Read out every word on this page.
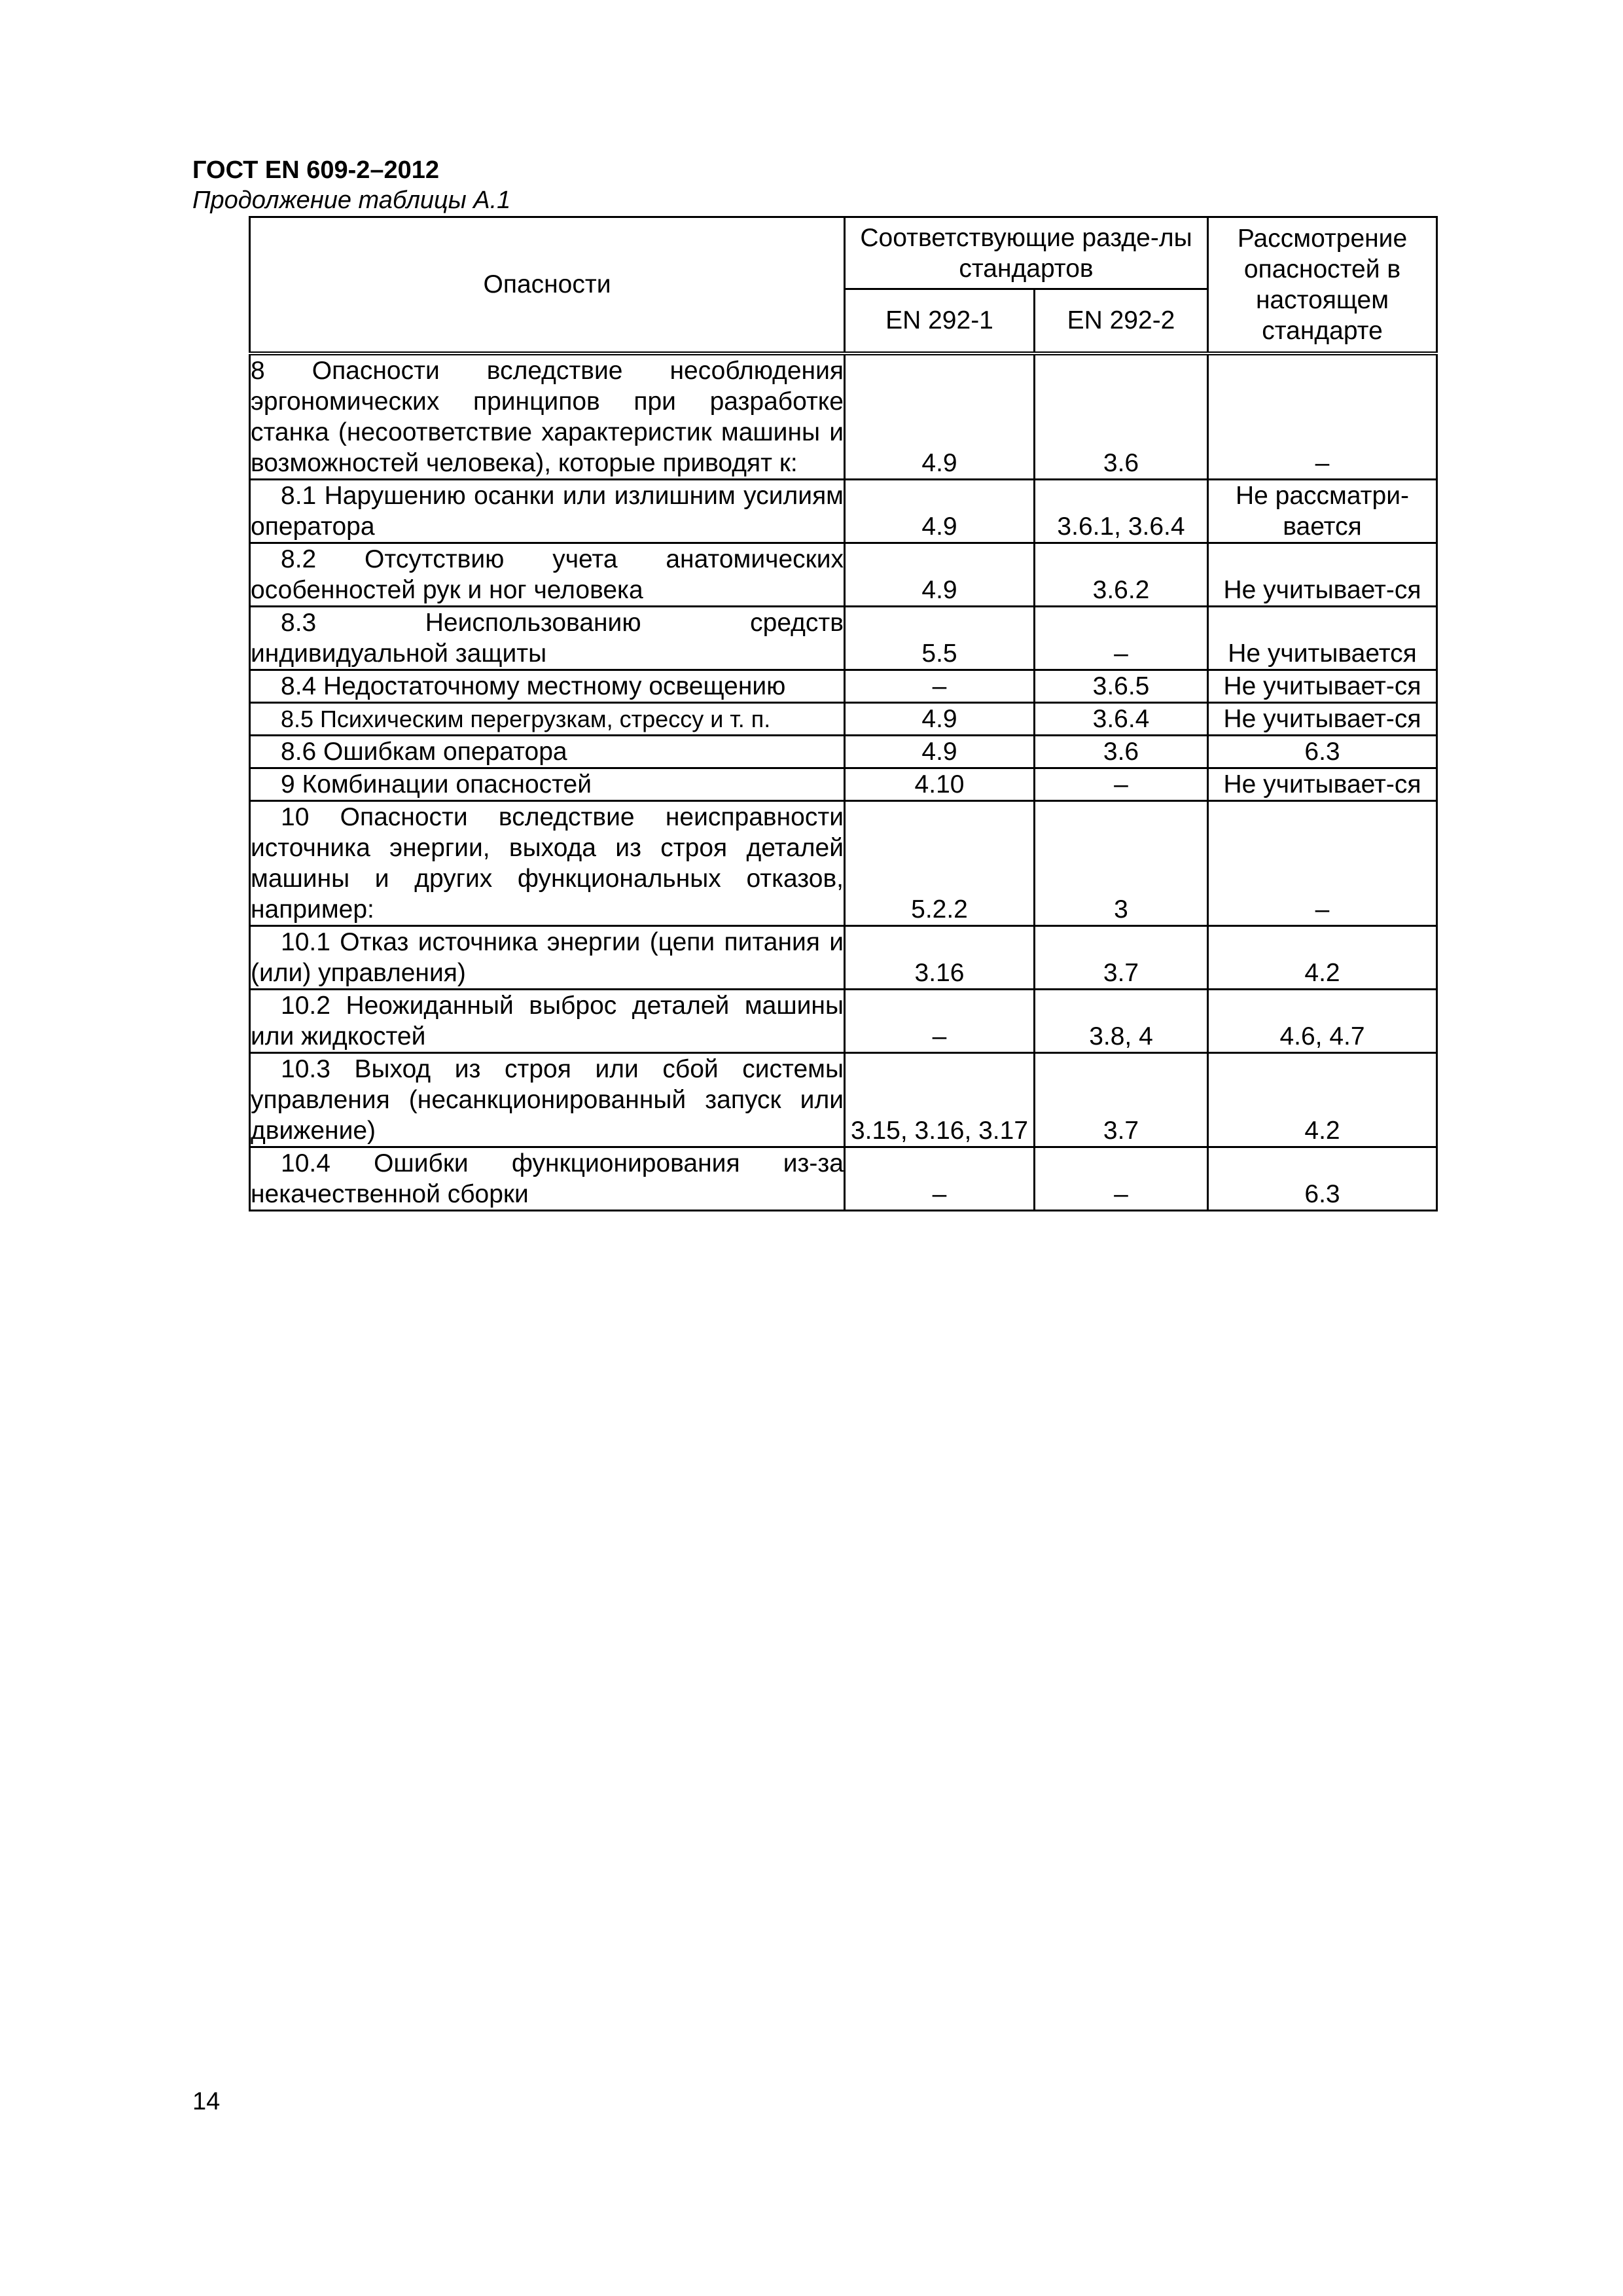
ГОСТ EN 609-2–2012
Продолжение таблицы А.1
Опасности	Соответствующие разде-лы стандартов		Рассмотрение опасностей в настоящем стандарте
	EN 292-1	EN 292-2	
8 Опасности вследствие несоблюдения эргономических принципов при разработке станка (несоответствие характеристик машины и возможностей человека), которые приводят к:	4.9	3.6	–
8.1 Нарушению осанки или излишним усилиям оператора	4.9	3.6.1, 3.6.4	Не рассматри-вается
8.2 Отсутствию учета анатомических особенностей рук и ног человека	4.9	3.6.2	Не учитывает-ся
8.3 Неиспользованию средств индивидуальной защиты	5.5	–	Не учитывается
8.4 Недостаточному местному освещению	–	3.6.5	Не учитывает-ся
8.5 Психическим перегрузкам, стрессу и т. п.	4.9	3.6.4	Не учитывает-ся
8.6 Ошибкам оператора	4.9	3.6	6.3
9 Комбинации опасностей	4.10	–	Не учитывает-ся
10 Опасности вследствие неисправности источника энергии, выхода из строя деталей машины и других функциональных отказов, например:	5.2.2	3	–
10.1 Отказ источника энергии (цепи питания и (или) управления)	3.16	3.7	4.2
10.2 Неожиданный выброс деталей машины или жидкостей	–	3.8, 4	4.6, 4.7
10.3 Выход из строя или сбой системы управления (несанкционированный запуск или движение)	3.15, 3.16, 3.17	3.7	4.2
10.4 Ошибки функционирования из-за некачественной сборки	–	–	6.3
14
